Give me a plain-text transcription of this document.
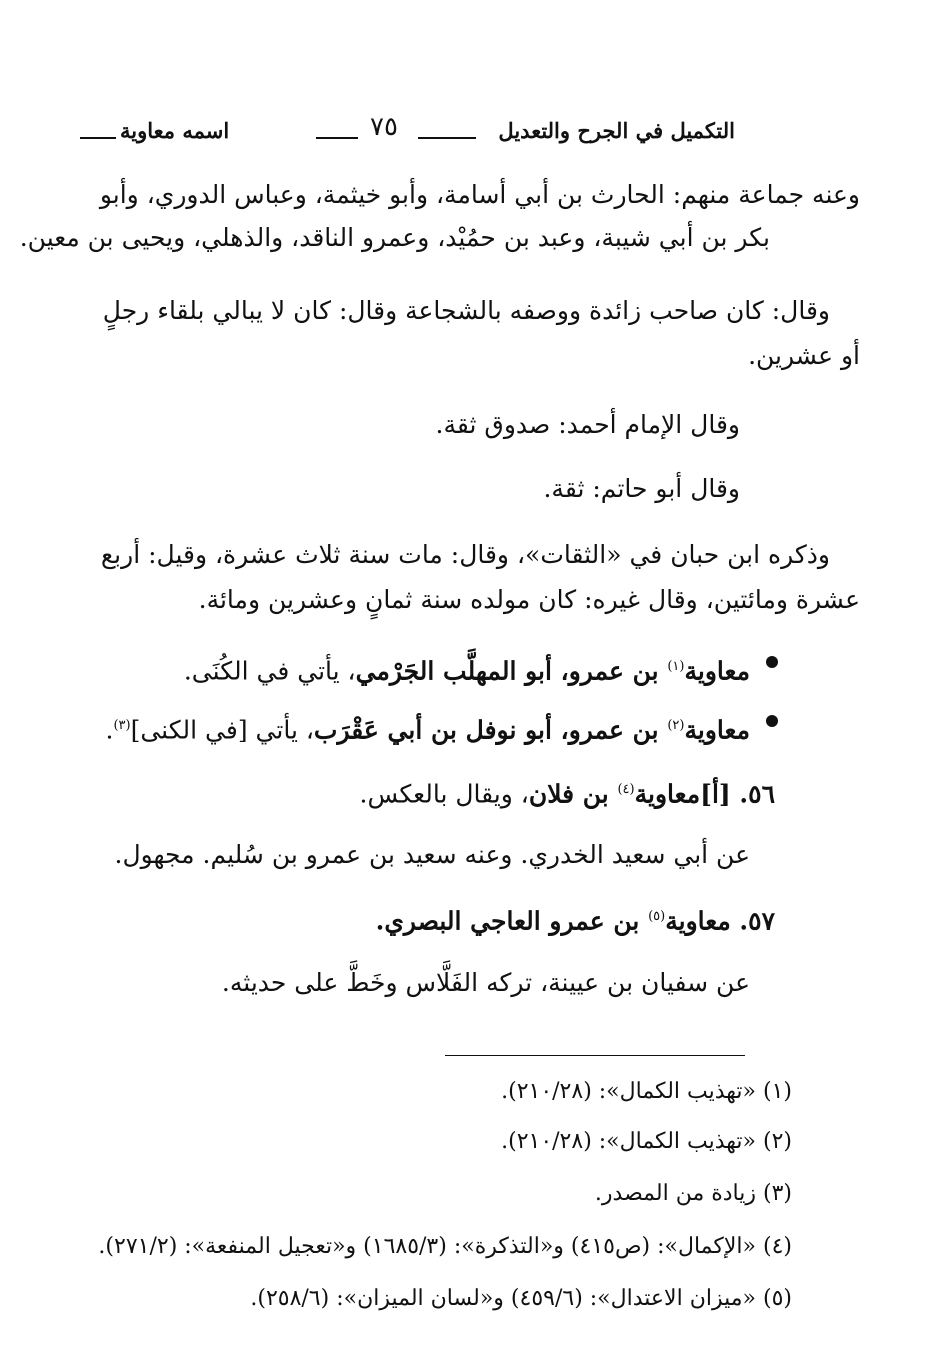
التكميل في الجرح والتعديل
٧٥
اسمه معاوية
وعنه جماعة منهم: الحارث بن أبي أسامة، وأبو خيثمة، وعباس الدوري، وأبو
بكر بن أبي شيبة، وعبد بن حمُيْد، وعمرو الناقد، والذهلي، ويحيى بن معين.
وقال: كان صاحب زائدة ووصفه بالشجاعة وقال: كان لا يبالي بلقاء رجلٍ
أو عشرين.
وقال الإمام أحمد: صدوق ثقة.
وقال أبو حاتم: ثقة.
وذكره ابن حبان في «الثقات»، وقال: مات سنة ثلاث عشرة، وقيل: أربع
عشرة ومائتين، وقال غيره: كان مولده سنة ثمانٍ وعشرين ومائة.
معاوية$^{(١)}$ بن عمرو، أبو المهلَّب الجَرْمي، يأتي في الكُنَى.
معاوية$^{(٢)}$ بن عمرو، أبو نوفل بن أبي عَقْرَب، يأتي [في الكنى]$^{(٣)}$.
٥٦. [أ]معاوية$^{(٤)}$ بن فلان، ويقال بالعكس.
عن أبي سعيد الخدري. وعنه سعيد بن عمرو بن سُليم. مجهول.
٥٧. معاوية$^{(٥)}$ بن عمرو العاجي البصري.
عن سفيان بن عيينة، تركه الفَلَّاس وخَطَّ على حديثه.
(١) «تهذيب الكمال»: (٢١٠/٢٨).
(٢) «تهذيب الكمال»: (٢١٠/٢٨).
(٣) زيادة من المصدر.
(٤) «الإكمال»: (ص٤١٥) و«التذكرة»: (١٦٨٥/٣) و«تعجيل المنفعة»: (٢٧١/٢).
(٥) «ميزان الاعتدال»: (٤٥٩/٦) و«لسان الميزان»: (٢٥٨/٦).
